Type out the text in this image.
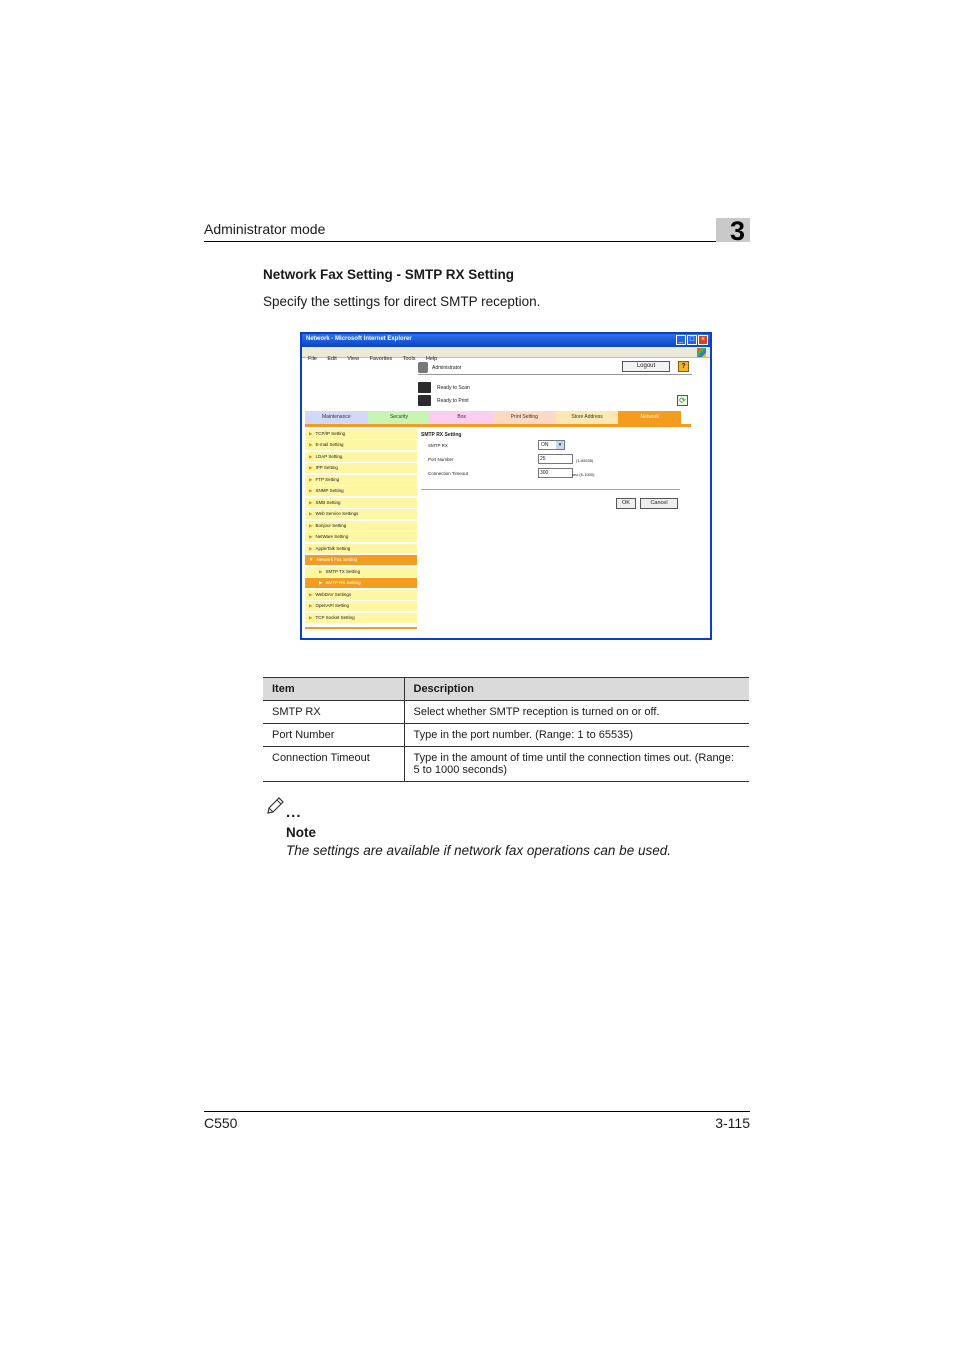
Administrator mode	3
Network Fax Setting - SMTP RX Setting
Specify the settings for direct SMTP reception.
Network - Microsoft Internet Explorer	_ □ ×
File Edit View Favorites Tools Help
Administrator	Logout	?
Ready to Scan
Ready to Print	⟳
Maintenance	Security	Box	Print Setting	Store Address	Network
▶ TCP/IP Setting
▶ E-mail Setting
▶ LDAP Setting
▶ IPP Setting
▶ FTP Setting
▶ SNMP Setting
▶ SMB Setting
▶ Web Service Settings
▶ Bonjour Setting
▶ NetWare Setting
▶ AppleTalk Setting
▼ Network Fax Setting
▶ SMTP TX Setting
▶ SMTP RX Setting
▶ WebDAV Settings
▶ OpenAPI Setting
▶ TCP Socket Setting
SMTP RX Setting
SMTP RX	ON	▾
Port Number	25	(1-65535)
Connection Timeout	300	sec.(5-1000)
OK	Cancel
Item	Description
SMTP RX	Select whether SMTP reception is turned on or off.
Port Number	Type in the port number. (Range: 1 to 65535)
Connection Timeout	Type in the amount of time until the connection times out. (Range: 5 to 1000 seconds)
...
Note
The settings are available if network fax operations can be used.
C550	3-115
